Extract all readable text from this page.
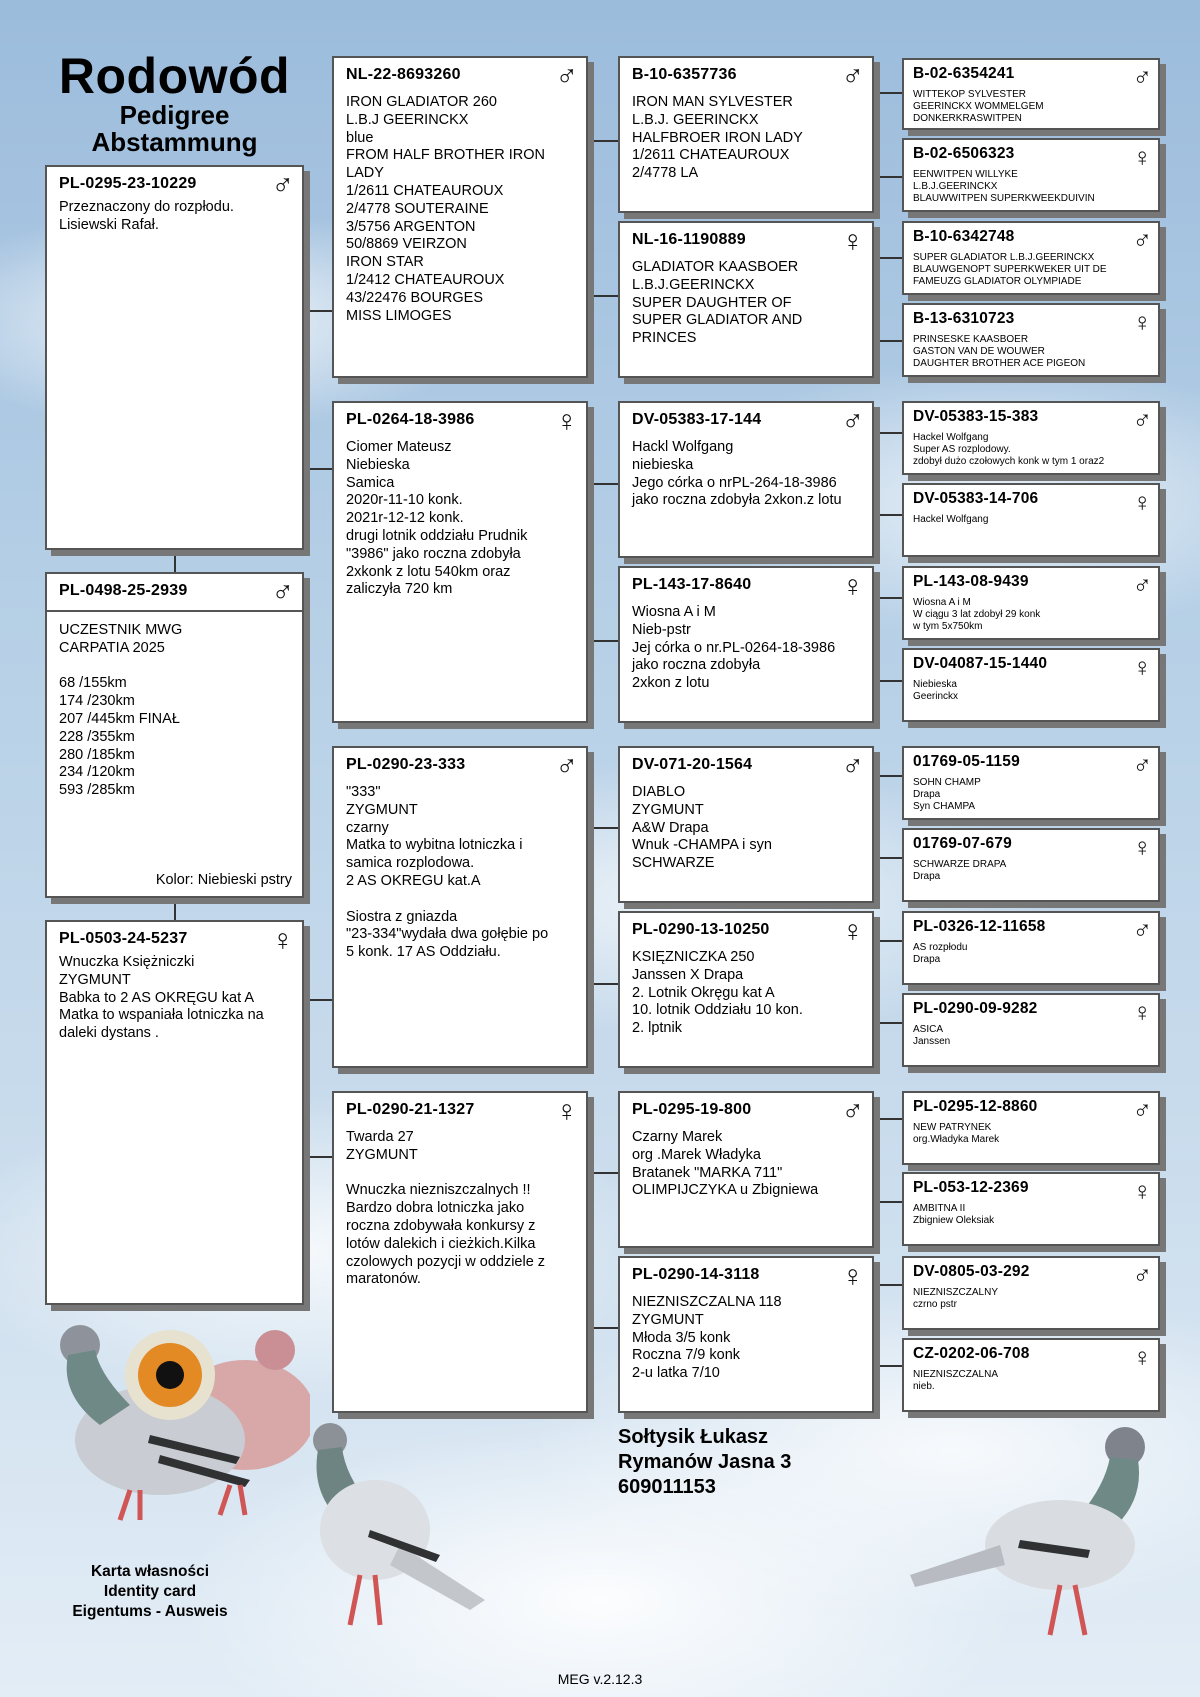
Rodowód
Pedigree
Abstammung
PL-0295-23-10229	♂
Przeznaczony do rozpłodu.
Lisiewski Rafał.
PL-0498-25-2939	♂
UCZESTNIK MWG
CARPATIA 2025

68 /155km
174 /230km
207 /445km FINAŁ
228 /355km
280 /185km
234 /120km
593 /285km
Kolor: Niebieski pstry
PL-0503-24-5237	♀
Wnuczka Księżniczki
ZYGMUNT
Babka to 2 AS OKRĘGU kat A
Matka to wspaniała lotniczka na
daleki dystans .
NL-22-8693260	♂
IRON GLADIATOR 260
L.B.J GEERINCKX
blue
FROM HALF BROTHER IRON
LADY
1/2611 CHATEAUROUX
2/4778 SOUTERAINE
3/5756 ARGENTON
50/8869 VEIRZON
IRON STAR
1/2412 CHATEAUROUX
43/22476 BOURGES
MISS LIMOGES
PL-0264-18-3986	♀
Ciomer Mateusz
Niebieska
Samica
2020r-11-10 konk.
2021r-12-12 konk.
drugi lotnik oddziału Prudnik
"3986" jako roczna zdobyła
2xkonk z lotu 540km oraz
zaliczyła 720 km
PL-0290-23-333	♂
"333"
ZYGMUNT
czarny
Matka to wybitna lotniczka i
samica rozplodowa.
2 AS OKREGU kat.A

Siostra z gniazda
"23-334"wydała dwa gołębie po
5 konk. 17 AS Oddziału.
PL-0290-21-1327	♀
Twarda 27
ZYGMUNT

Wnuczka niezniszczalnych !!
Bardzo dobra lotniczka jako
roczna zdobywała konkursy z
lotów dalekich i cieżkich.Kilka
czolowych pozycji w oddziele z
maratonów.
B-10-6357736	♂
IRON MAN SYLVESTER
L.B.J. GEERINCKX
HALFBROER IRON LADY
1/2611 CHATEAUROUX
2/4778 LA
NL-16-1190889	♀
GLADIATOR KAASBOER
L.B.J.GEERINCKX
SUPER DAUGHTER OF
SUPER GLADIATOR AND
PRINCES
DV-05383-17-144	♂
Hackl Wolfgang
niebieska
Jego córka o nrPL-264-18-3986
jako roczna zdobyła 2xkon.z lotu
PL-143-17-8640	♀
Wiosna A i M
Nieb-pstr
Jej córka o nr.PL-0264-18-3986
jako roczna zdobyła
2xkon z lotu
DV-071-20-1564	♂
DIABLO
ZYGMUNT
A&W Drapa
Wnuk -CHAMPA i syn
SCHWARZE
PL-0290-13-10250	♀
KSIĘZNICZKA 250
Janssen X Drapa
2. Lotnik Okręgu kat A
10. lotnik Oddziału 10 kon.
2. lptnik
PL-0295-19-800	♂
Czarny Marek
org .Marek Władyka
Bratanek "MARKA 711"
OLIMPIJCZYKA u Zbigniewa
PL-0290-14-3118	♀
NIEZNISZCZALNA 118
ZYGMUNT
Młoda 3/5 konk
Roczna 7/9 konk
2-u latka 7/10
B-02-6354241	♂
WITTEKOP SYLVESTER
GEERINCKX WOMMELGEM
DONKERKRASWITPEN
B-02-6506323	♀
EENWITPEN WILLYKE
L.B.J.GEERINCKX
BLAUWWITPEN SUPERKWEEKDUIVIN
B-10-6342748	♂
SUPER GLADIATOR L.B.J.GEERINCKX
BLAUWGENOPT SUPERKWEKER UIT DE
FAMEUZG GLADIATOR OLYMPIADE
B-13-6310723	♀
PRINSESKE KAASBOER
GASTON VAN DE WOUWER
DAUGHTER BROTHER ACE PIGEON
DV-05383-15-383	♂
Hackel Wolfgang
Super AS rozplodowy.
zdobył dużo czołowych konk w tym 1 oraz2
DV-05383-14-706	♀
Hackel Wolfgang
PL-143-08-9439	♂
Wiosna A i M
W ciągu 3 lat zdobył 29 konk
w tym 5x750km
DV-04087-15-1440	♀
Niebieska
Geerinckx
01769-05-1159	♂
SOHN CHAMP
Drapa
Syn CHAMPA
01769-07-679	♀
SCHWARZE DRAPA
Drapa
PL-0326-12-11658	♂
AS rozpłodu
Drapa
PL-0290-09-9282	♀
ASICA
Janssen
PL-0295-12-8860	♂
NEW PATRYNEK
org.Władyka Marek
PL-053-12-2369	♀
AMBITNA II
Zbigniew Oleksiak
DV-0805-03-292	♂
NIEZNISZCZALNY
czrno pstr
CZ-0202-06-708	♀
NIEZNISZCZALNA
nieb.
Sołtysik Łukasz
Rymanów Jasna 3
609011153
Karta własności
Identity card
Eigentums - Ausweis
MEG v.2.12.3
